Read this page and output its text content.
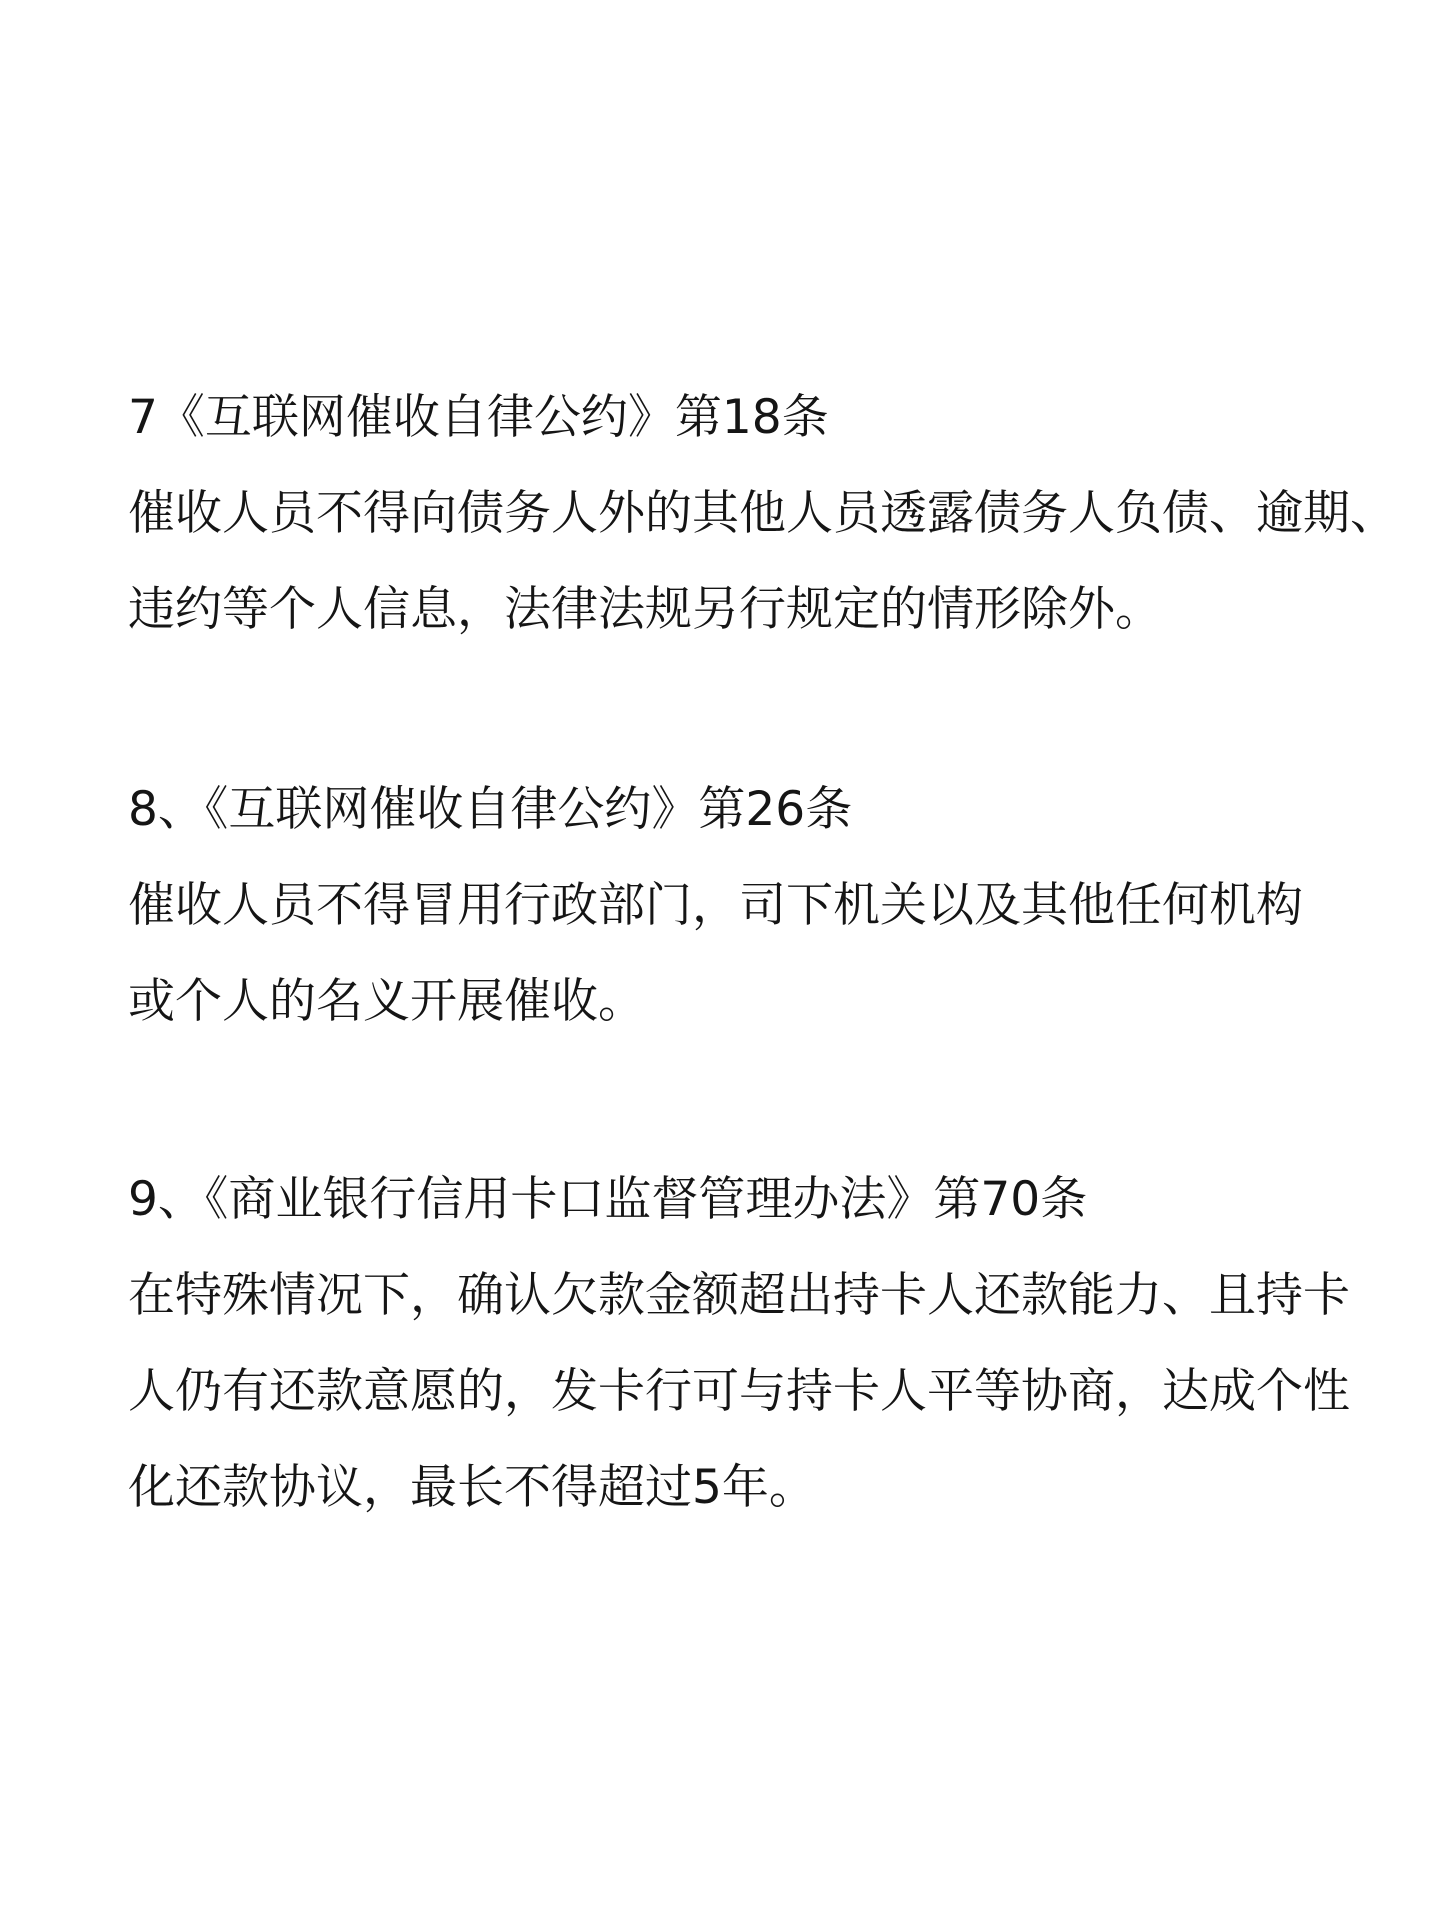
7《互联网催收自律公约》第18条
催收人员不得向债务人外的其他人员透露债务人负债、逾期、
违约等个人信息，法律法规另行规定的情形除外。
8、《互联网催收自律公约》第26条
催收人员不得冒用行政部门，司下机关以及其他任何机构
或个人的名义开展催收。
9、《商业银行信用卡口监督管理办法》第70条
在特殊情况下，确认欠款金额超出持卡人还款能力、且持卡
人仍有还款意愿的，发卡行可与持卡人平等协商，达成个性
化还款协议，最长不得超过5年。
